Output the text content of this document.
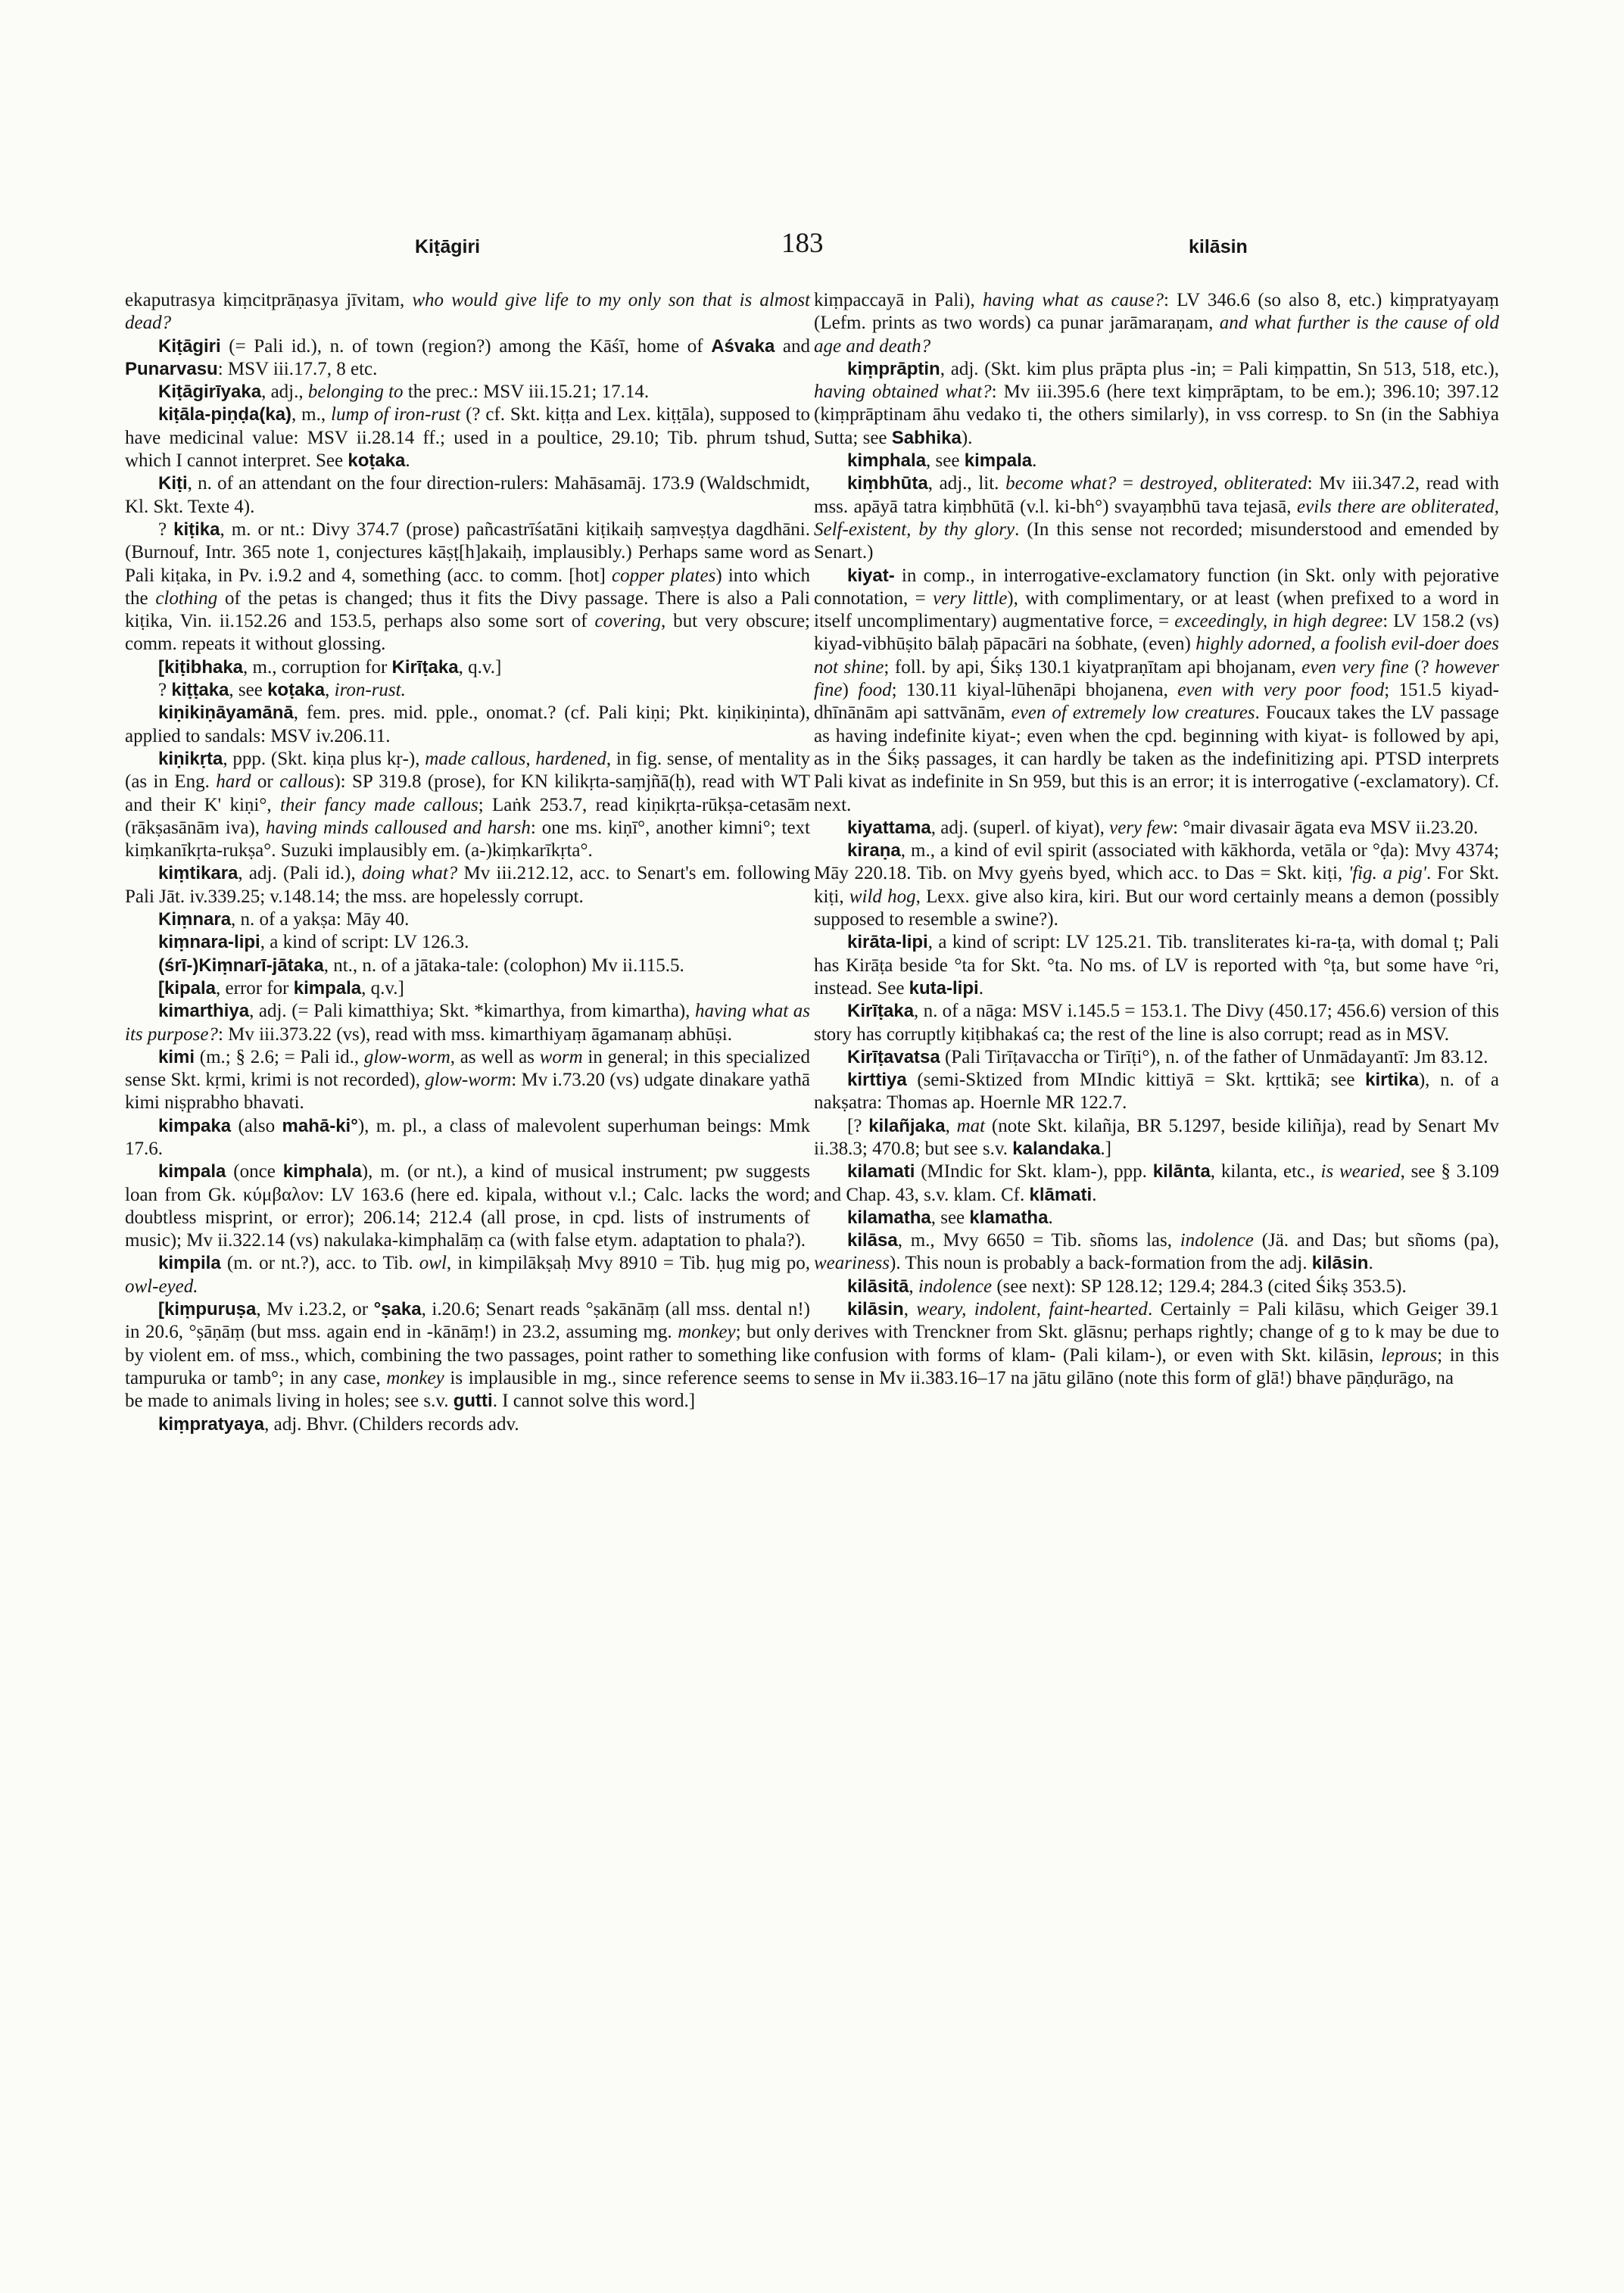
Kiṭāgiri	183	kilāsin

ekaputrasya kiṃcitprāṇasya jīvitam, who would give life to my only son that is almost dead?

Kiṭāgiri (= Pali id.), n. of town (region?) among the Kāśī, home of Aśvaka and Punarvasu: MSV iii.17.7, 8 etc.

Kiṭāgirīyaka, adj., belonging to the prec.: MSV iii.15.21; 17.14.

kiṭāla-piṇḍa(ka), m., lump of iron-rust (? cf. Skt. kiṭṭa and Lex. kiṭṭāla), supposed to have medicinal value: MSV ii.28.14 ff.; used in a poultice, 29.10; Tib. phrum tshud, which I cannot interpret. See koṭaka.

Kiṭi, n. of an attendant on the four direction-rulers: Mahāsamāj. 173.9 (Waldschmidt, Kl. Skt. Texte 4).

? kiṭika, m. or nt.: Divy 374.7 (prose) pañcastrīśatāni kiṭikaiḥ saṃveṣṭya dagdhāni. (Burnouf, Intr. 365 note 1, conjectures kāṣṭ[h]akaiḥ, implausibly.) Perhaps same word as Pali kiṭaka, in Pv. i.9.2 and 4, something (acc. to comm. [hot] copper plates) into which the clothing of the petas is changed; thus it fits the Divy passage. There is also a Pali kiṭika, Vin. ii.152.26 and 153.5, perhaps also some sort of covering, but very obscure; comm. repeats it without glossing.

[kiṭibhaka, m., corruption for Kirīṭaka, q.v.]

? kiṭṭaka, see koṭaka, iron-rust.

kiṇikiṇāyamānā, fem. pres. mid. pple., onomat.? (cf. Pali kiṇi; Pkt. kiṇikiṇinta), applied to sandals: MSV iv.206.11.

kiṇikṛta, ppp. (Skt. kiṇa plus kṛ-), made callous, hardened, in fig. sense, of mentality (as in Eng. hard or callous): SP 319.8 (prose), for KN kilikṛta-saṃjñā(ḥ), read with WT and their K' kiṇi°, their fancy made callous; Laṅk 253.7, read kiṇikṛta-rūkṣa-cetasām (rākṣasānām iva), having minds calloused and harsh: one ms. kiṇī°, another kimni°; text kiṃkanīkṛta-rukṣa°. Suzuki implausibly em. (a-)kiṃkarīkṛta°.

kiṃtikara, adj. (Pali id.), doing what? Mv iii.212.12, acc. to Senart's em. following Pali Jāt. iv.339.25; v.148.14; the mss. are hopelessly corrupt.

Kiṃnara, n. of a yakṣa: Māy 40.

kiṃnara-lipi, a kind of script: LV 126.3.

(śrī-)Kiṃnarī-jātaka, nt., n. of a jātaka-tale: (colophon) Mv ii.115.5.

[kipala, error for kimpala, q.v.]

kimarthiya, adj. (= Pali kimatthiya; Skt. *kimarthya, from kimartha), having what as its purpose?: Mv iii.373.22 (vs), read with mss. kimarthiyaṃ āgamanaṃ abhūṣi.

kimi (m.; § 2.6; = Pali id., glow-worm, as well as worm in general; in this specialized sense Skt. kṛmi, krimi is not recorded), glow-worm: Mv i.73.20 (vs) udgate dinakare yathā kimi niṣprabho bhavati.

kimpaka (also mahā-ki°), m. pl., a class of malevolent superhuman beings: Mmk 17.6.

kimpala (once kimphala), m. (or nt.), a kind of musical instrument; pw suggests loan from Gk. κύμβαλον: LV 163.6 (here ed. kipala, without v.l.; Calc. lacks the word; doubtless misprint, or error); 206.14; 212.4 (all prose, in cpd. lists of instruments of music); Mv ii.322.14 (vs) nakulaka-kimphalāṃ ca (with false etym. adaptation to phala?).

kimpila (m. or nt.?), acc. to Tib. owl, in kimpilākṣaḥ Mvy 8910 = Tib. ḥug mig po, owl-eyed.

[kiṃpuruṣa, Mv i.23.2, or °ṣaka, i.20.6; Senart reads °ṣakānāṃ (all mss. dental n!) in 20.6, °ṣāṇāṃ (but mss. again end in -kānāṃ!) in 23.2, assuming mg. monkey; but only by violent em. of mss., which, combining the two passages, point rather to something like tampuruka or tamb°; in any case, monkey is implausible in mg., since reference seems to be made to animals living in holes; see s.v. gutti. I cannot solve this word.]

kiṃpratyaya, adj. Bhvr. (Childers records adv.

kiṃpaccayā in Pali), having what as cause?: LV 346.6 (so also 8, etc.) kiṃpratyayaṃ (Lefm. prints as two words) ca punar jarāmaraṇam, and what further is the cause of old age and death?

kiṃprāptin, adj. (Skt. kim plus prāpta plus -in; = Pali kiṃpattin, Sn 513, 518, etc.), having obtained what?: Mv iii.395.6 (here text kiṃprāptam, to be em.); 396.10; 397.12 (kiṃprāptinam āhu vedako ti, the others similarly), in vss corresp. to Sn (in the Sabhiya Sutta; see Sabhika).

kimphala, see kimpala.

kiṃbhūta, adj., lit. become what? = destroyed, obliterated: Mv iii.347.2, read with mss. apāyā tatra kiṃbhūtā (v.l. ki-bh°) svayaṃbhū tava tejasā, evils there are obliterated, Self-existent, by thy glory. (In this sense not recorded; misunderstood and emended by Senart.)

kiyat- in comp., in interrogative-exclamatory function (in Skt. only with pejorative connotation, = very little), with complimentary, or at least (when prefixed to a word in itself uncomplimentary) augmentative force, = exceedingly, in high degree: LV 158.2 (vs) kiyad-vibhūṣito bālaḥ pāpacāri na śobhate, (even) highly adorned, a foolish evil-doer does not shine; foll. by api, Śikṣ 130.1 kiyatpraṇītam api bhojanam, even very fine (? however fine) food; 130.11 kiyal-lūhenāpi bhojanena, even with very poor food; 151.5 kiyad-dhīnānām api sattvānām, even of extremely low creatures. Foucaux takes the LV passage as having indefinite kiyat-; even when the cpd. beginning with kiyat- is followed by api, as in the Śikṣ passages, it can hardly be taken as the indefinitizing api. PTSD interprets Pali kivat as indefinite in Sn 959, but this is an error; it is interrogative (-exclamatory). Cf. next.

kiyattama, adj. (superl. of kiyat), very few: °mair divasair āgata eva MSV ii.23.20.

kiraṇa, m., a kind of evil spirit (associated with kākhorda, vetāla or °ḍa): Mvy 4374; Māy 220.18. Tib. on Mvy gyeṅs byed, which acc. to Das = Skt. kiṭi, 'fig. a pig'. For Skt. kiṭi, wild hog, Lexx. give also kira, kiri. But our word certainly means a demon (possibly supposed to resemble a swine?).

kirāta-lipi, a kind of script: LV 125.21. Tib. transliterates ki-ra-ṭa, with domal ṭ; Pali has Kirāṭa beside °ta for Skt. °ta. No ms. of LV is reported with °ṭa, but some have °ri, instead. See kuta-lipi.

Kirīṭaka, n. of a nāga: MSV i.145.5 = 153.1. The Divy (450.17; 456.6) version of this story has corruptly kiṭibhakaś ca; the rest of the line is also corrupt; read as in MSV.

Kirīṭavatsa (Pali Tirīṭavaccha or Tirīṭi°), n. of the father of Unmādayantī: Jm 83.12.

kirttiya (semi-Sktized from MIndic kittiyā = Skt. kṛttikā; see kirtika), n. of a nakṣatra: Thomas ap. Hoernle MR 122.7.

[? kilañjaka, mat (note Skt. kilañja, BR 5.1297, beside kiliñja), read by Senart Mv ii.38.3; 470.8; but see s.v. kalandaka.]

kilamati (MIndic for Skt. klam-), ppp. kilānta, kilanta, etc., is wearied, see § 3.109 and Chap. 43, s.v. klam. Cf. klāmati.

kilamatha, see klamatha.

kilāsa, m., Mvy 6650 = Tib. sñoms las, indolence (Jä. and Das; but sñoms (pa), weariness). This noun is probably a back-formation from the adj. kilāsin.

kilāsitā, indolence (see next): SP 128.12; 129.4; 284.3 (cited Śikṣ 353.5).

kilāsin, weary, indolent, faint-hearted. Certainly = Pali kilāsu, which Geiger 39.1 derives with Trenckner from Skt. glāsnu; perhaps rightly; change of g to k may be due to confusion with forms of klam- (Pali kilam-), or even with Skt. kilāsin, leprous; in this sense in Mv ii.383.16–17 na jātu gilāno (note this form of glā!) bhave pāṇḍurāgo, na
